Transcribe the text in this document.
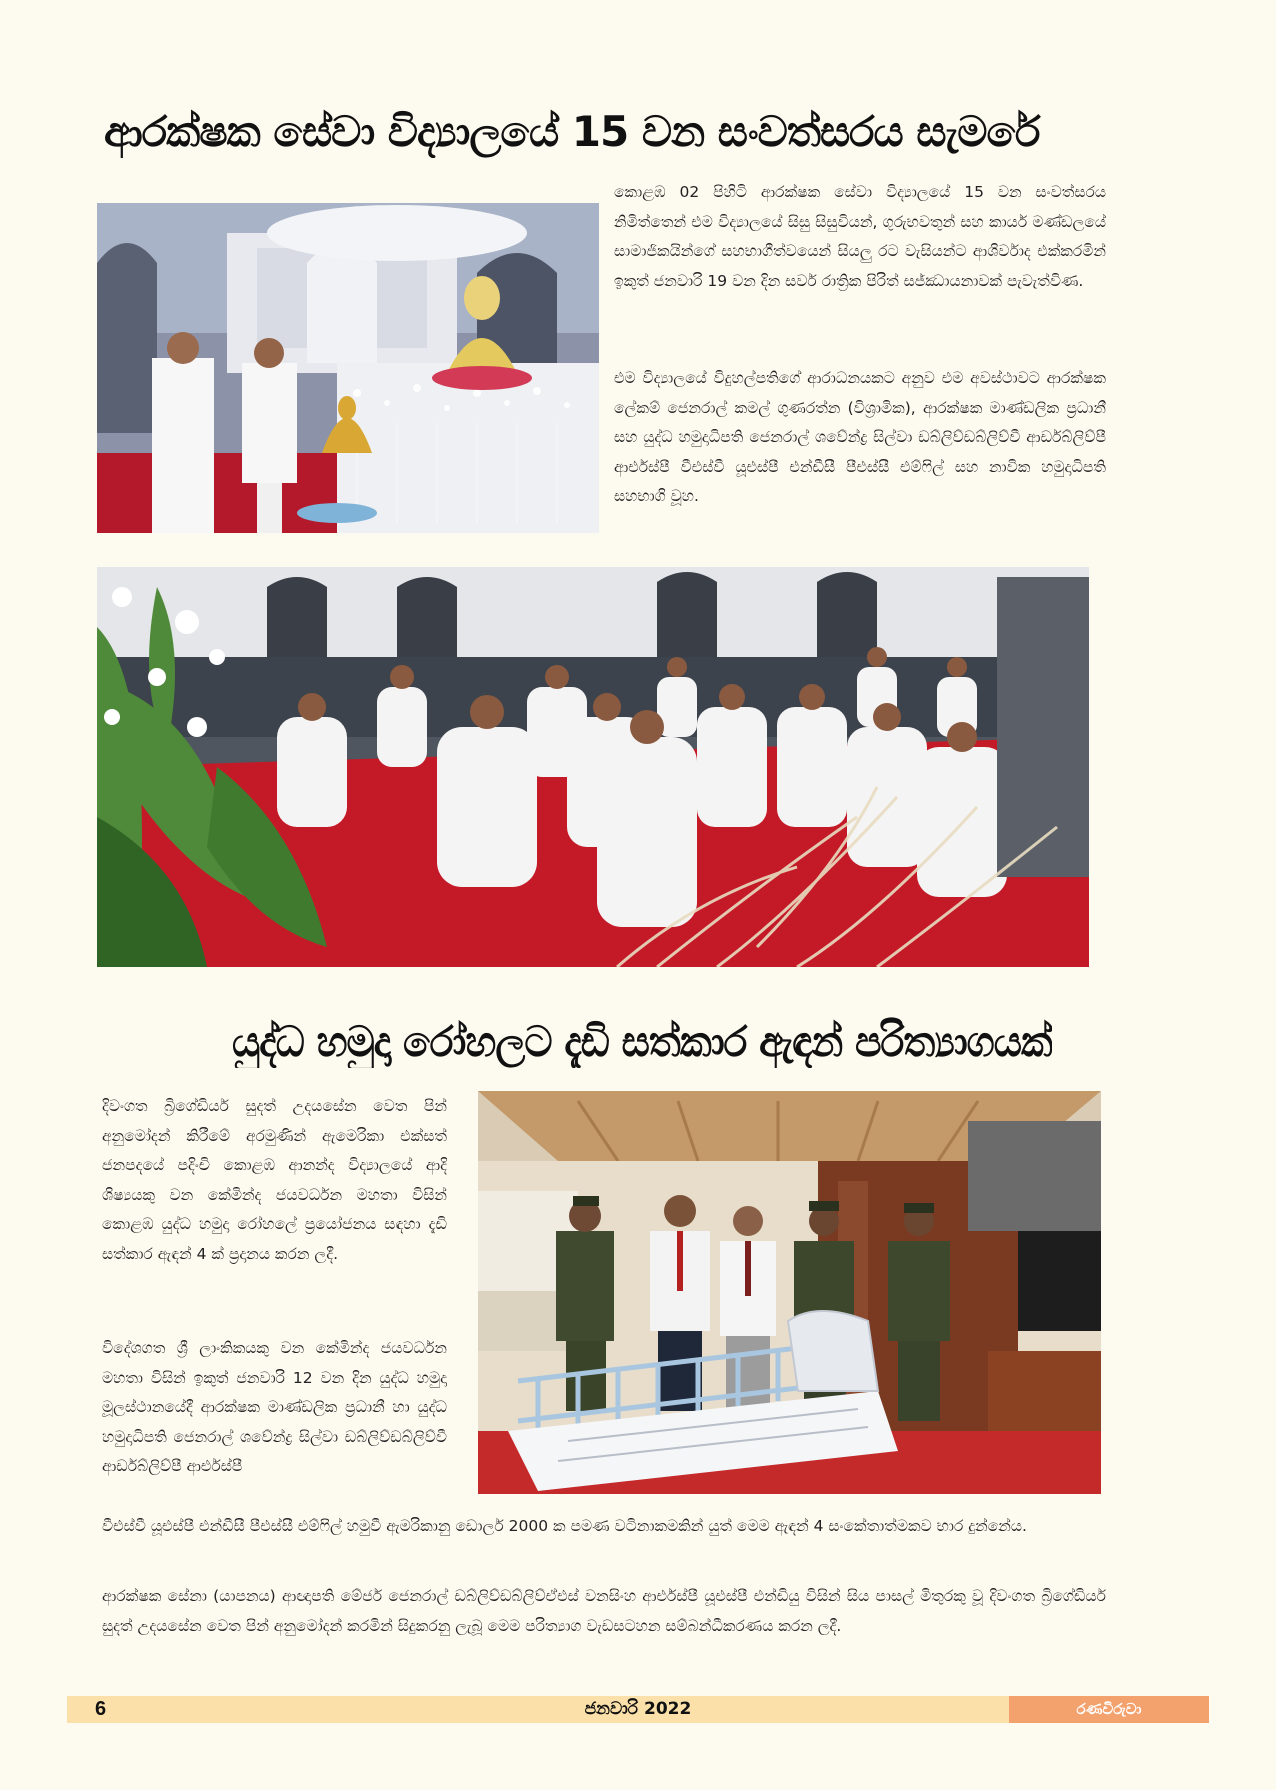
ආරක්ෂක සේවා විද්‍යාලයේ 15 වන සංවත්සරය සැමරේ

කොළඹ 02 පිහිටි ආරක්ෂක සේවා විද්‍යාලයේ 15 වන සංවත්සරය නිමිත්තෙන් එම විද්‍යාලයේ සිසු සිසුවියන්, ගුරුභවතුන් සහ කාර්ය මණ්ඩලයේ සාමාජිකයින්ගේ සහභාගීත්වයෙන් සියලු රට වැසියන්ට ආශිර්වාද එක්කරමින් ඉකුත් ජනවාරි 19 වන දින සර්ව රාත්‍රික පිරිත් සජ්ඣායනාවක් පැවැත්විණ.

එම විද්‍යාලයේ විදුහල්පතිගේ ආරාධනයකට අනුව එම අවස්ථාවට ආරක්ෂක ලේකම් ජෙනරාල් කමල් ගුණරත්න (විශ්‍රාමික), ආරක්ෂක මාණ්ඩලික ප්‍රධානී සහ යුද්ධ හමුදාධිපති ජෙනරාල් ශවේන්ද්‍ර සිල්වා ඩබ්ලිව්ඩබ්ලිව්වී ආර්ඩබ්ලිව්පී ආර්එස්පී වීඑස්වී යූඑස්පී එන්ඩීසී පීඑස්සී එම්ෆිල් සහ නාවික හමුදාධිපති සහභාගි වූහ.

යුද්ධ හමුදා රෝහලට දැඩි සත්කාර ඇඳන් පරිත්‍යාගයක්

දිවංගත බ්‍රිගේඩියර් සුදත් උදයසේන වෙත පින් අනුමෝදන් කිරීමේ අරමුණින් ඇමෙරිකා එක්සත් ජනපදයේ පදිංචි කොළඹ ආනන්ද විද්‍යාලයේ ආදි ශිෂ්‍යයකු වන කේමින්ද ජයවර්ධන මහතා විසින් කොළඹ යුද්ධ හමුදා රෝහලේ ප්‍රයෝජනය සඳහා දැඩි සත්කාර ඇඳන් 4 ක් ප්‍රදානය කරන ලදී.

විදේශගත ශ්‍රී ලාංකිකයකු වන කේමින්ද ජයවර්ධන මහතා විසින් ඉකුත් ජනවාරි 12 වන දින යුද්ධ හමුදා මූලස්ථානයේදී ආරක්ෂක මාණ්ඩලික ප්‍රධානී හා යුද්ධ හමුදාධිපති ජෙනරාල් ශවේන්ද්‍ර සිල්වා ඩබ්ලිව්ඩබ්ලිව්වී ආර්ඩබ්ලිව්පී ආර්එස්පී

වීඑස්වී යූඑස්පී එන්ඩීසී පීඑස්සී එම්ෆිල් හමුවී ඇමරිකානු ඩොලර් 2000 ක පමණ වටිනාකමකින් යුත් මෙම ඇඳන් 4 සංකේතාත්මකව භාර දුන්නේය.

ආරක්ෂක සේනා (යාපනය) ආඥාපති මේජර් ජෙනරාල් ඩබ්ලිව්ඩබ්ලිව්ඒඑස් වනසිංහ ආර්එස්පී යූඑස්පී එන්ඩියු විසින් සිය පාසල් මිතුරකු වූ දිවංගත බ්‍රිගේඩියර් සුදත් උදයසේන වෙත පින් අනුමෝදන් කරමින් සිදුකරනු ලැබූ මෙම පරිත්‍යාග වැඩසටහන සම්බන්ධීකරණය කරන ලදී.

6	ජනවාරි 2022	රණවිරුවා
